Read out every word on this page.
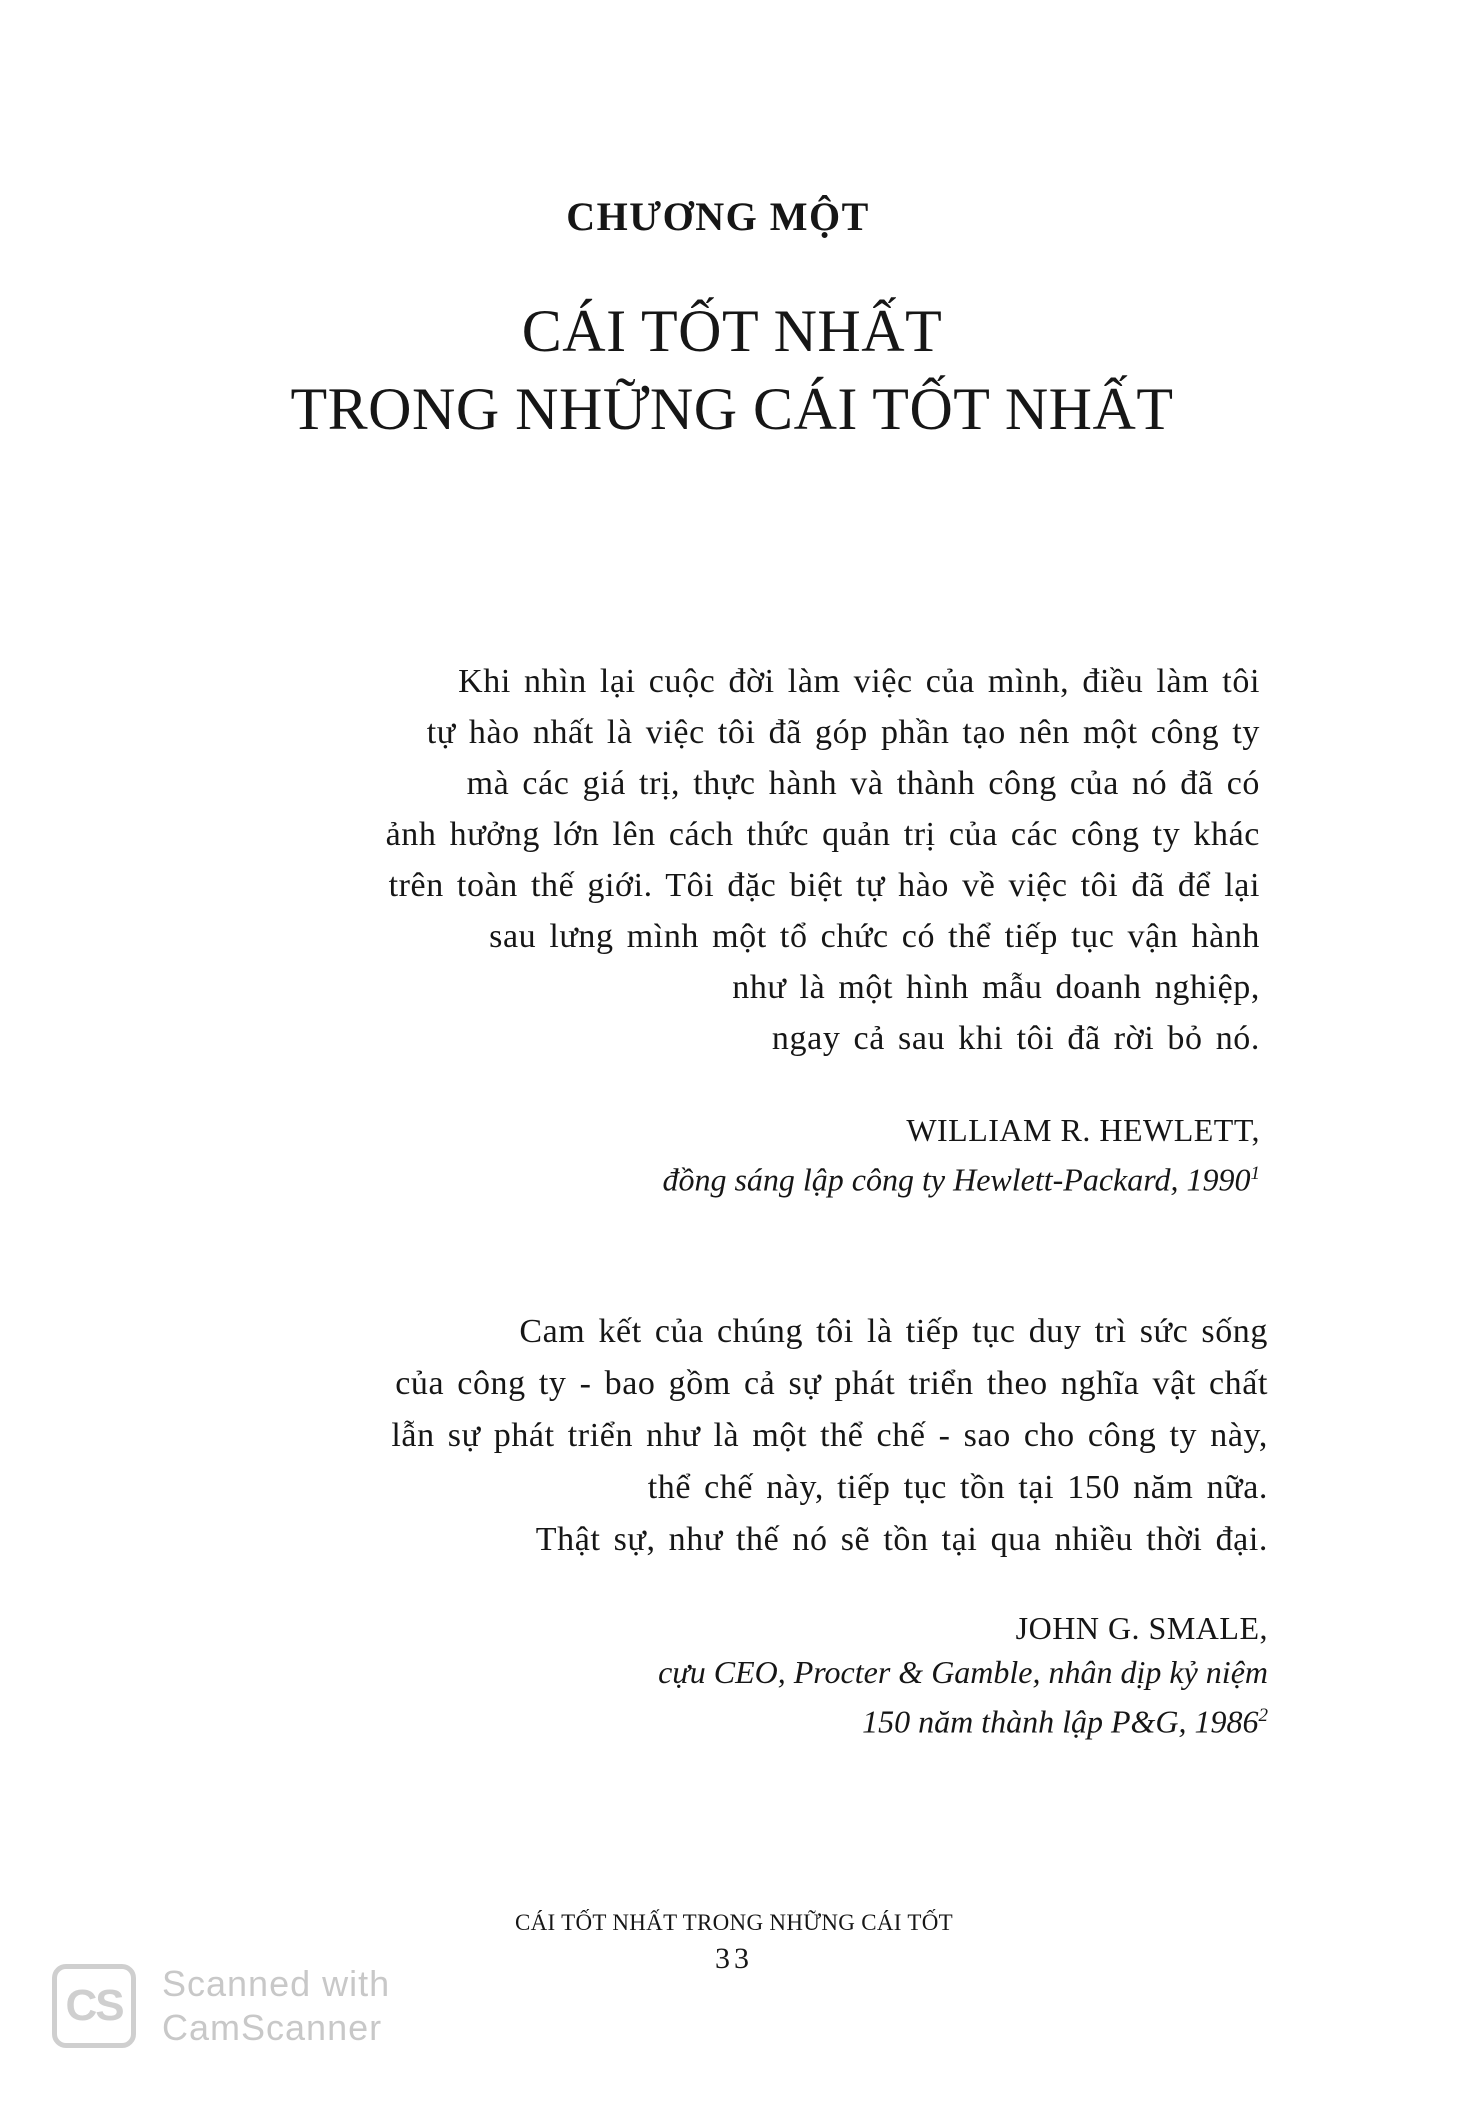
CHƯƠNG MỘT
CÁI TỐT NHẤT
TRONG NHỮNG CÁI TỐT NHẤT
Khi nhìn lại cuộc đời làm việc của mình, điều làm tôi
tự hào nhất là việc tôi đã góp phần tạo nên một công ty
mà các giá trị, thực hành và thành công của nó đã có
ảnh hưởng lớn lên cách thức quản trị của các công ty khác
trên toàn thế giới. Tôi đặc biệt tự hào về việc tôi đã để lại
sau lưng mình một tổ chức có thể tiếp tục vận hành
như là một hình mẫu doanh nghiệp,
ngay cả sau khi tôi đã rời bỏ nó.
WILLIAM R. HEWLETT,
đồng sáng lập công ty Hewlett-Packard, 1990$^1$
Cam kết của chúng tôi là tiếp tục duy trì sức sống
của công ty - bao gồm cả sự phát triển theo nghĩa vật chất
lẫn sự phát triển như là một thể chế - sao cho công ty này,
thể chế này, tiếp tục tồn tại 150 năm nữa.
Thật sự, như thế nó sẽ tồn tại qua nhiều thời đại.
JOHN G. SMALE,
cựu CEO, Procter & Gamble, nhân dịp kỷ niệm
150 năm thành lập P&G, 1986$^2$
CÁI TỐT NHẤT TRONG NHỮNG CÁI TỐT
33
CS Scanned with
CamScanner
